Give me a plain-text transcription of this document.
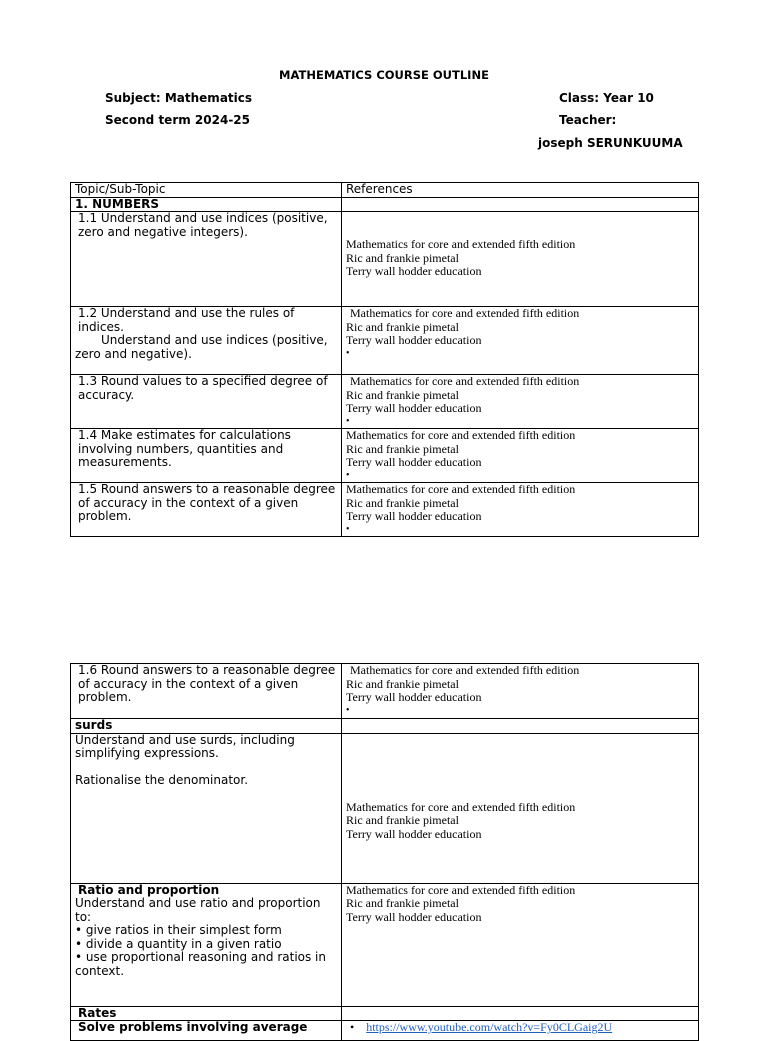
MATHEMATICS COURSE OUTLINE
Subject: Mathematics
Second term 2024-25
Class: Year 10
Teacher:
joseph SERUNKUUMA
Topic/Sub-Topic	References
1. NUMBERS	

1.1 Understand and use indices (positive, zero and negative integers).	Mathematics for core and extended fifth edition
Ric and frankie pimetal
Terry wall hodder education

1.2 Understand and use the rules of indices.
Understand and use indices (positive,
zero and negative).	Mathematics for core and extended fifth edition
Ric and frankie pimetal
Terry wall hodder education
•

1.3 Round values to a specified degree of accuracy.	Mathematics for core and extended fifth edition
Ric and frankie pimetal
Terry wall hodder education
•

1.4 Make estimates for calculations involving numbers, quantities and measurements.	Mathematics for core and extended fifth edition
Ric and frankie pimetal
Terry wall hodder education
•

1.5 Round answers to a reasonable degree of accuracy in the context of a given problem.	Mathematics for core and extended fifth edition
Ric and frankie pimetal
Terry wall hodder education
•
1.6 Round answers to a reasonable degree of accuracy in the context of a given problem.	Mathematics for core and extended fifth edition
Ric and frankie pimetal
Terry wall hodder education
•

surds	

Understand and use surds, including simplifying expressions.
Rationalise the denominator.	Mathematics for core and extended fifth edition
Ric and frankie pimetal
Terry wall hodder education

Ratio and proportion
Understand and use ratio and proportion to:
• give ratios in their simplest form
• divide a quantity in a given ratio
• use proportional reasoning and ratios in context.	Mathematics for core and extended fifth edition
Ric and frankie pimetal
Terry wall hodder education

Rates	

Solve problems involving average	• https://www.youtube.com/watch?v=Fy0CLGaig2U
